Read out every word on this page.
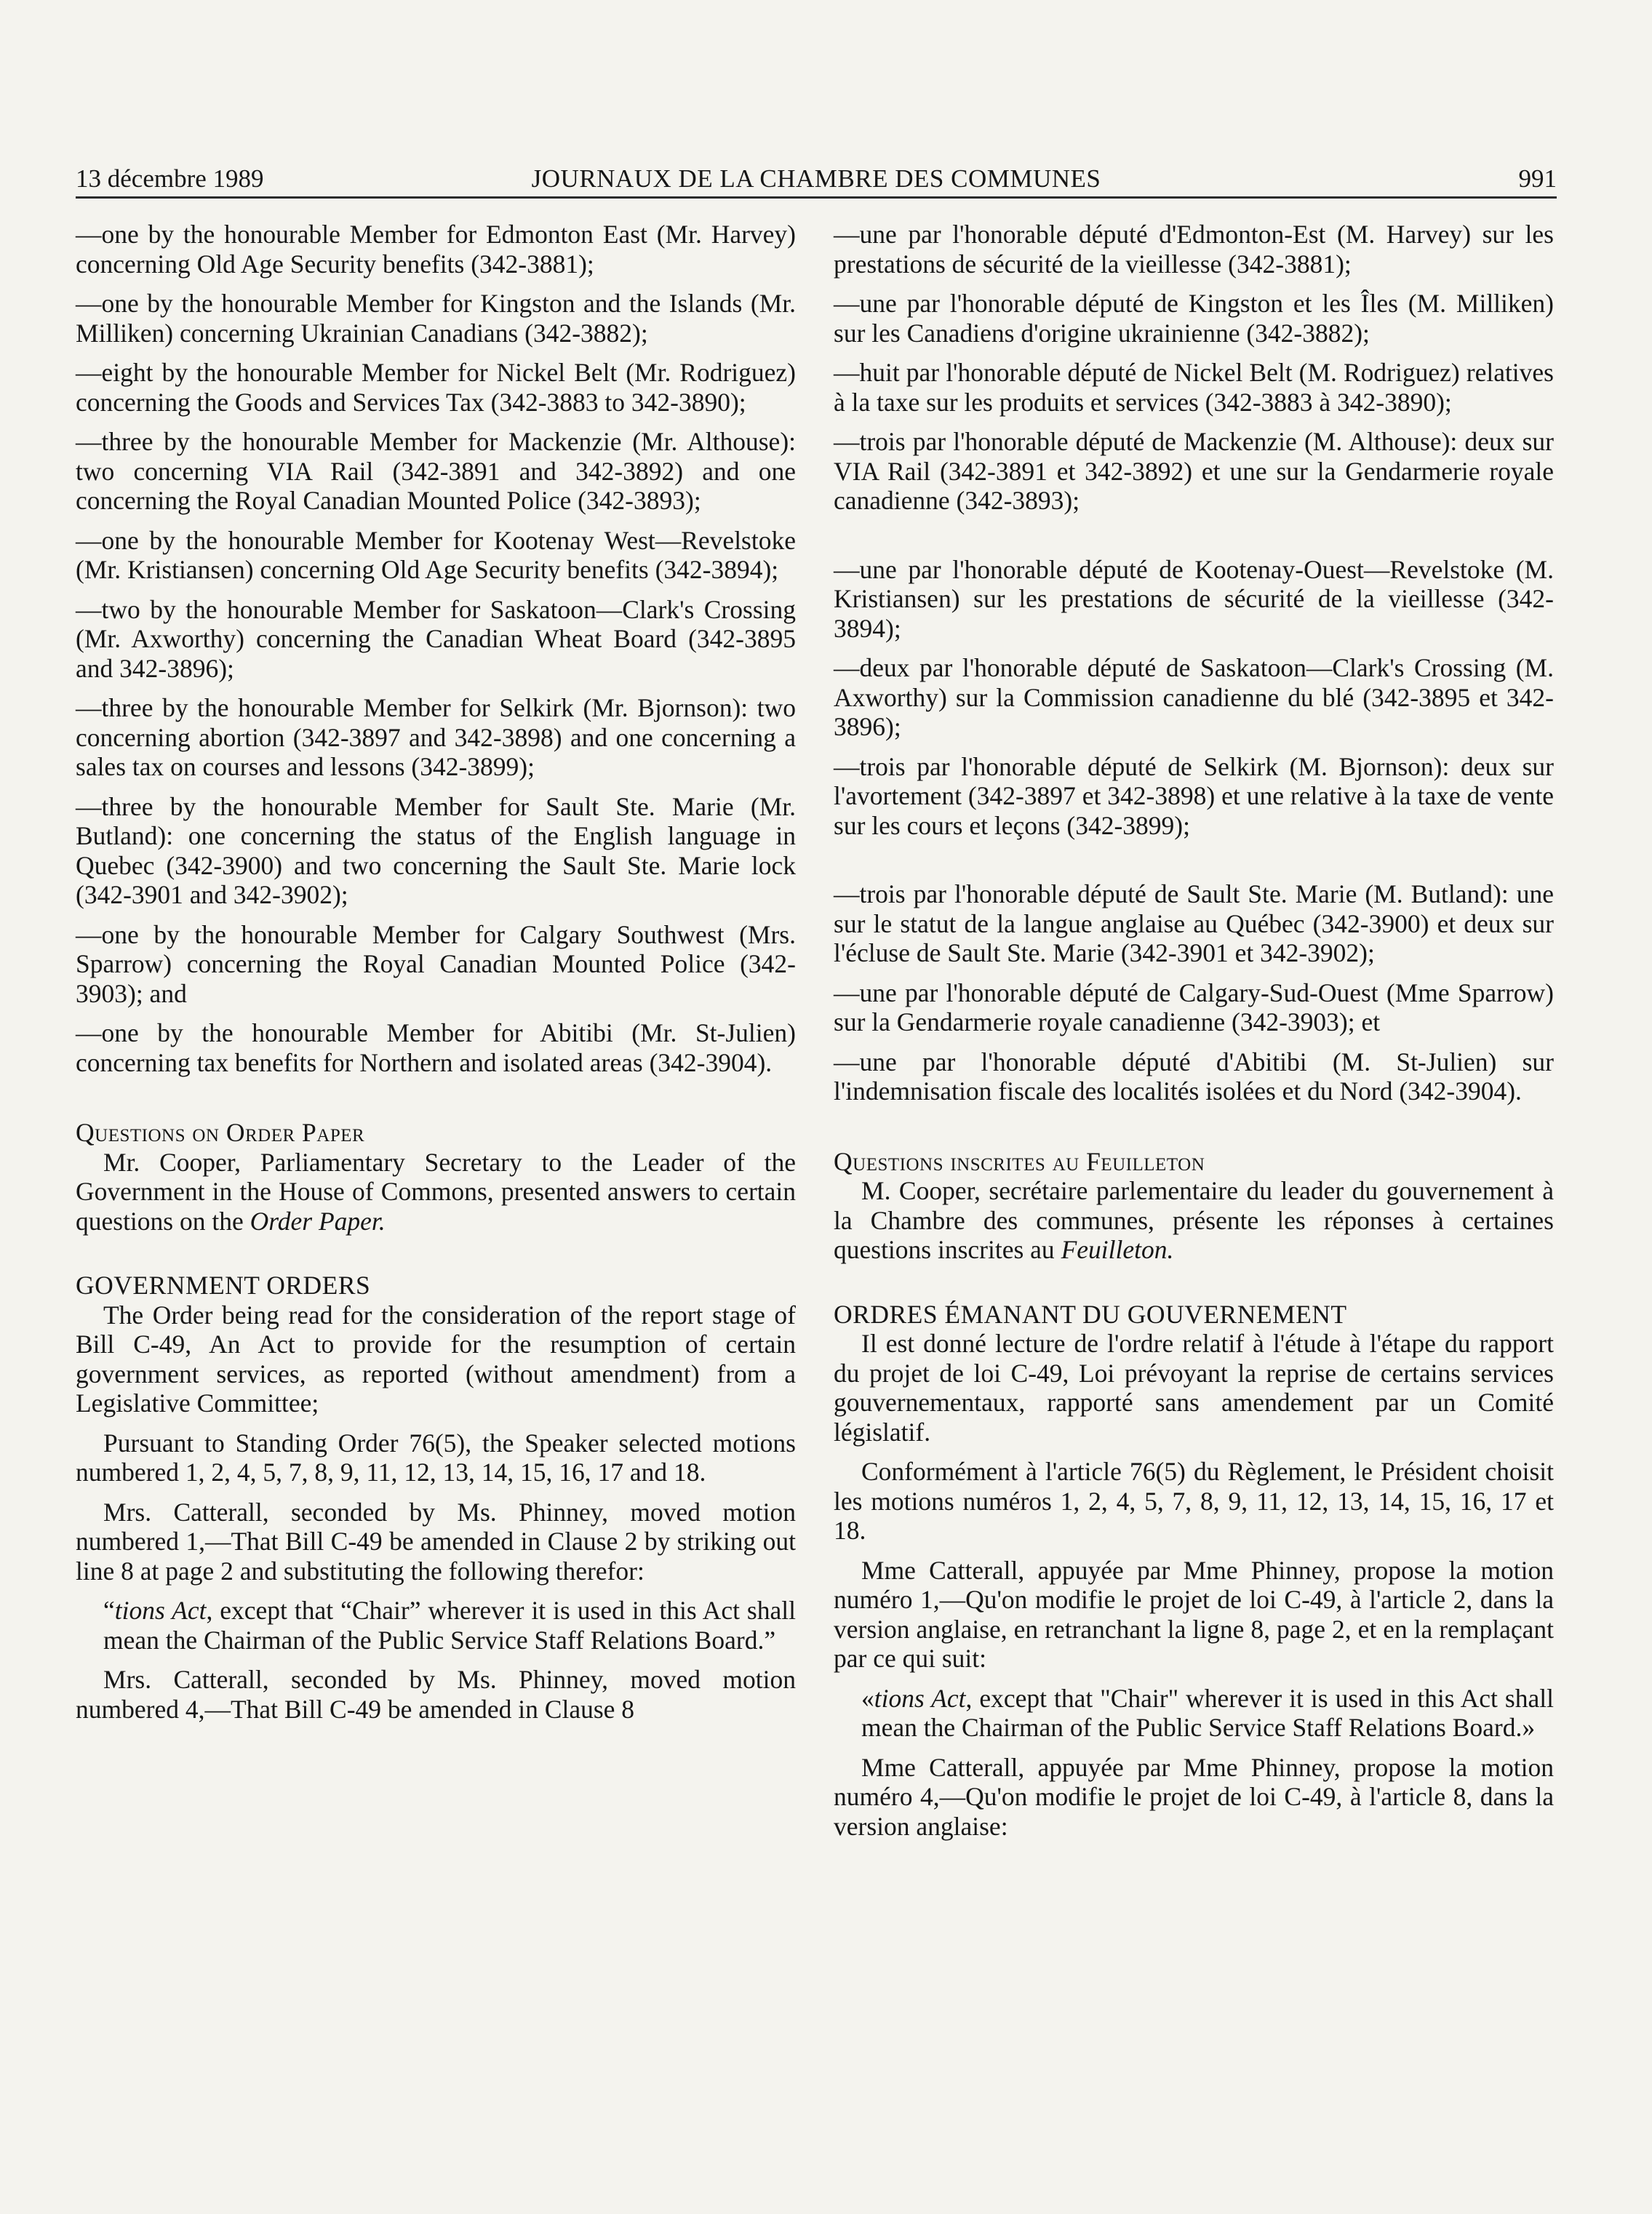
13 décembre 1989	JOURNAUX DE LA CHAMBRE DES COMMUNES	991

—one by the honourable Member for Edmonton East (Mr. Harvey) concerning Old Age Security benefits (342-3881);

—one by the honourable Member for Kingston and the Islands (Mr. Milliken) concerning Ukrainian Canadians (342-3882);

—eight by the honourable Member for Nickel Belt (Mr. Rodriguez) concerning the Goods and Services Tax (342-3883 to 342-3890);

—three by the honourable Member for Mackenzie (Mr. Althouse): two concerning VIA Rail (342-3891 and 342-3892) and one concerning the Royal Canadian Mounted Police (342-3893);

—one by the honourable Member for Kootenay West—Revelstoke (Mr. Kristiansen) concerning Old Age Security benefits (342-3894);

—two by the honourable Member for Saskatoon—Clark's Crossing (Mr. Axworthy) concerning the Canadian Wheat Board (342-3895 and 342-3896);

—three by the honourable Member for Selkirk (Mr. Bjornson): two concerning abortion (342-3897 and 342-3898) and one concerning a sales tax on courses and lessons (342-3899);

—three by the honourable Member for Sault Ste. Marie (Mr. Butland): one concerning the status of the English language in Quebec (342-3900) and two concerning the Sault Ste. Marie lock (342-3901 and 342-3902);

—one by the honourable Member for Calgary Southwest (Mrs. Sparrow) concerning the Royal Canadian Mounted Police (342-3903); and

—one by the honourable Member for Abitibi (Mr. St-Julien) concerning tax benefits for Northern and isolated areas (342-3904).

Questions on Order Paper

Mr. Cooper, Parliamentary Secretary to the Leader of the Government in the House of Commons, presented answers to certain questions on the Order Paper.

GOVERNMENT ORDERS

The Order being read for the consideration of the report stage of Bill C-49, An Act to provide for the resumption of certain government services, as reported (without amendment) from a Legislative Committee;

Pursuant to Standing Order 76(5), the Speaker selected motions numbered 1, 2, 4, 5, 7, 8, 9, 11, 12, 13, 14, 15, 16, 17 and 18.

Mrs. Catterall, seconded by Ms. Phinney, moved motion numbered 1,—That Bill C-49 be amended in Clause 2 by striking out line 8 at page 2 and substituting the following therefor:

“tions Act, except that “Chair” wherever it is used in this Act shall mean the Chairman of the Public Service Staff Relations Board.”

Mrs. Catterall, seconded by Ms. Phinney, moved motion numbered 4,—That Bill C-49 be amended in Clause 8

—une par l'honorable député d'Edmonton-Est (M. Harvey) sur les prestations de sécurité de la vieillesse (342-3881);

—une par l'honorable député de Kingston et les Îles (M. Milliken) sur les Canadiens d'origine ukrainienne (342-3882);

—huit par l'honorable député de Nickel Belt (M. Rodriguez) relatives à la taxe sur les produits et services (342-3883 à 342-3890);

—trois par l'honorable député de Mackenzie (M. Althouse): deux sur VIA Rail (342-3891 et 342-3892) et une sur la Gendarmerie royale canadienne (342-3893);

—une par l'honorable député de Kootenay-Ouest—Revelstoke (M. Kristiansen) sur les prestations de sécurité de la vieillesse (342-3894);

—deux par l'honorable député de Saskatoon—Clark's Crossing (M. Axworthy) sur la Commission canadienne du blé (342-3895 et 342-3896);

—trois par l'honorable député de Selkirk (M. Bjornson): deux sur l'avortement (342-3897 et 342-3898) et une relative à la taxe de vente sur les cours et leçons (342-3899);

—trois par l'honorable député de Sault Ste. Marie (M. Butland): une sur le statut de la langue anglaise au Québec (342-3900) et deux sur l'écluse de Sault Ste. Marie (342-3901 et 342-3902);

—une par l'honorable député de Calgary-Sud-Ouest (Mme Sparrow) sur la Gendarmerie royale canadienne (342-3903); et

—une par l'honorable député d'Abitibi (M. St-Julien) sur l'indemnisation fiscale des localités isolées et du Nord (342-3904).

Questions inscrites au Feuilleton

M. Cooper, secrétaire parlementaire du leader du gouvernement à la Chambre des communes, présente les réponses à certaines questions inscrites au Feuilleton.

ORDRES ÉMANANT DU GOUVERNEMENT

Il est donné lecture de l'ordre relatif à l'étude à l'étape du rapport du projet de loi C-49, Loi prévoyant la reprise de certains services gouvernementaux, rapporté sans amendement par un Comité législatif.

Conformément à l'article 76(5) du Règlement, le Président choisit les motions numéros 1, 2, 4, 5, 7, 8, 9, 11, 12, 13, 14, 15, 16, 17 et 18.

Mme Catterall, appuyée par Mme Phinney, propose la motion numéro 1,—Qu'on modifie le projet de loi C-49, à l'article 2, dans la version anglaise, en retranchant la ligne 8, page 2, et en la remplaçant par ce qui suit:

«tions Act, except that "Chair" wherever it is used in this Act shall mean the Chairman of the Public Service Staff Relations Board.»

Mme Catterall, appuyée par Mme Phinney, propose la motion numéro 4,—Qu'on modifie le projet de loi C-49, à l'article 8, dans la version anglaise:
